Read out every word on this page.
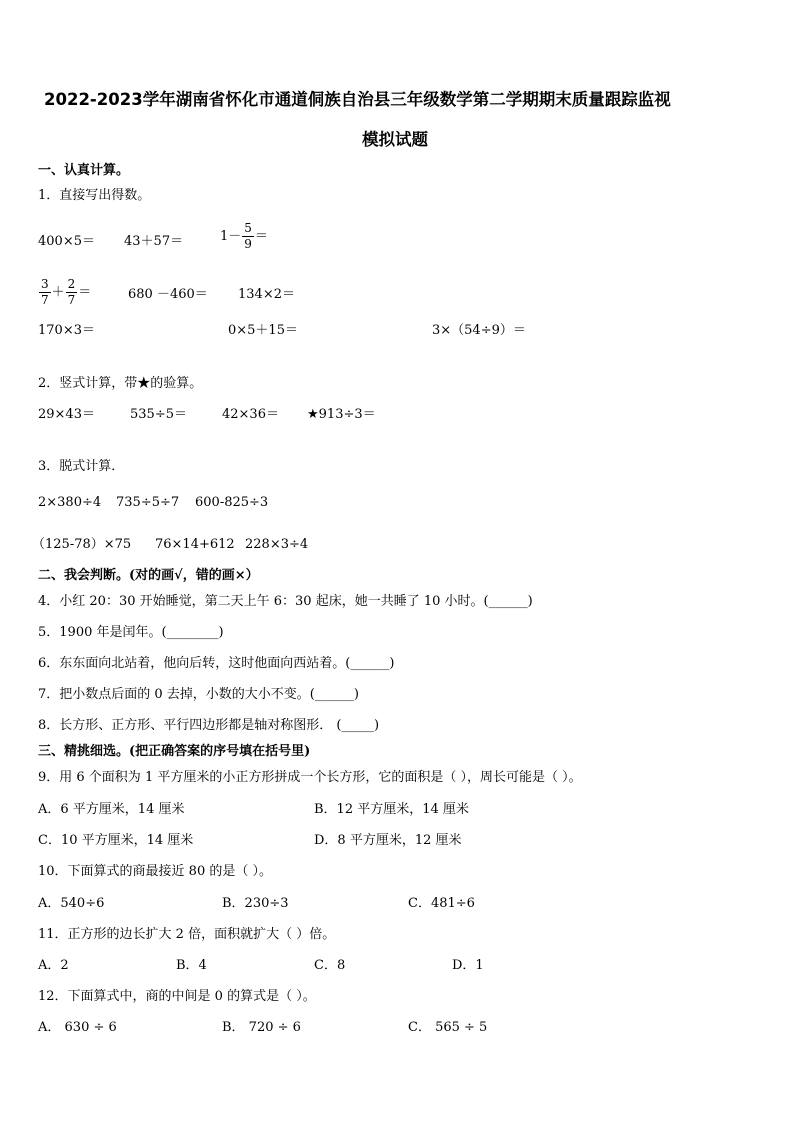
2022-2023学年湖南省怀化市通道侗族自治县三年级数学第二学期期末质量跟踪监视
模拟试题
一、认真计算。
1．直接写出得数。
400×5＝ 43＋57＝	$1- \frac{5}{9}$ ＝
$\frac{3}{7} + \frac{2}{7}$ ＝	680 －460＝ 134×2＝
170×3＝	0×5＋15＝	3×（54÷9）＝
2．竖式计算，带★的验算。
29×43＝	535÷5＝	42×36＝ ★913÷3＝
3．脱式计算．
2×380÷4 735÷5÷7 600-825÷3
（125-78）×75 76×14+612 228×3÷4
二、我会判断。(对的画√，错的画×）
4．小红 20：30 开始睡觉，第二天上午 6：30 起床，她一共睡了 10 小时。(______)
5．1900 年是闰年。(________)
6．东东面向北站着，他向后转，这时他面向西站着。(______)
7．把小数点后面的 0 去掉，小数的大小不变。(______)
8．长方形、正方形、平行四边形都是轴对称图形． (_____)
三、精挑细选。(把正确答案的序号填在括号里)
9．用 6 个面积为 1 平方厘米的小正方形拼成一个长方形，它的面积是（ ），周长可能是（ ）。
A．6 平方厘米，14 厘米	B．12 平方厘米，14 厘米
C．10 平方厘米，14 厘米	D．8 平方厘米，12 厘米
10．下面算式的商最接近 80 的是（ ）。
A．540÷6	B．230÷3	C．481÷6
11．正方形的边长扩大 2 倍，面积就扩大（ ）倍。
A．2	B．4	C．8	D．1
12．下面算式中，商的中间是 0 的算式是（ ）。
A． 630 ÷ 6	B． 720 ÷ 6	C． 565 ÷ 5
